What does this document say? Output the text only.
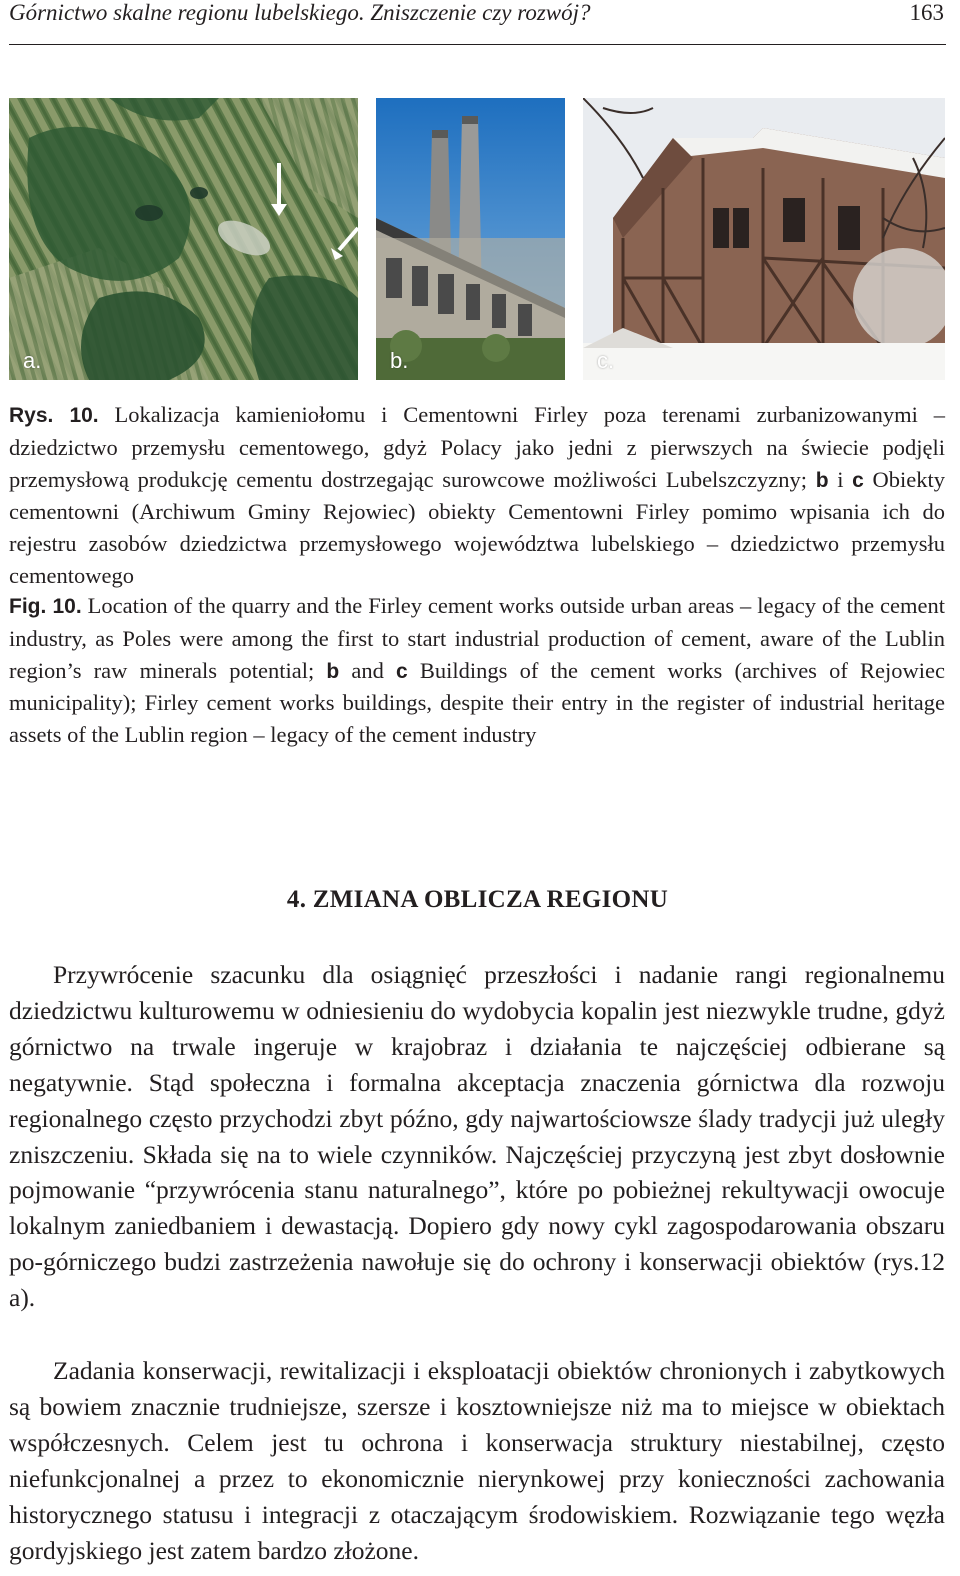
Górnictwo skalne regionu lubelskiego. Zniszczenie czy rozwój?	163
a.	b.	c.

Rys. 10. Lokalizacja kamieniołomu i Cementowni Firley poza terenami zurbanizowanymi – dziedzictwo przemysłu cementowego, gdyż Polacy jako jedni z pierwszych na świecie podjęli przemysłową produkcję cementu dostrzegając surowcowe możliwości Lubelszczyzny; b i c Obiekty cementowni (Archiwum Gminy Rejowiec) obiekty Cementowni Firley pomimo wpisania ich do rejestru zasobów dziedzictwa przemysłowego województwa lubelskiego – dziedzictwo przemysłu cementowego

Fig. 10. Location of the quarry and the Firley cement works outside urban areas – legacy of the cement industry, as Poles were among the first to start industrial production of cement, aware of the Lublin region’s raw minerals potential; b and c Buildings of the cement works (archives of Rejowiec municipality); Firley cement works buildings, despite their entry in the register of industrial heritage assets of the Lublin region – legacy of the cement industry

4. ZMIANA OBLICZA REGIONU

Przywrócenie szacunku dla osiągnięć przeszłości i nadanie rangi regionalnemu dziedzictwu kulturowemu w odniesieniu do wydobycia kopalin jest niezwykle trudne, gdyż górnictwo na trwale ingeruje w krajobraz i działania te najczęściej odbierane są negatywnie. Stąd społeczna i formalna akceptacja znaczenia górnictwa dla rozwoju regionalnego często przychodzi zbyt późno, gdy najwartościowsze ślady tradycji już uległy zniszczeniu. Składa się na to wiele czynników. Najczęściej przyczyną jest zbyt dosłownie pojmowanie “przywrócenia stanu naturalnego”, które po pobieżnej rekultywacji owocuje lokalnym zaniedbaniem i dewastacją. Dopiero gdy nowy cykl zagospodarowania obszaru po-górniczego budzi zastrzeżenia nawołuje się do ochrony i konserwacji obiektów (rys.12 a).

Zadania konserwacji, rewitalizacji i eksploatacji obiektów chronionych i zabytkowych są bowiem znacznie trudniejsze, szersze i kosztowniejsze niż ma to miejsce w obiektach współczesnych. Celem jest tu ochrona i konserwacja struktury niestabilnej, często niefunkcjonalnej a przez to ekonomicznie nierynkowej przy konieczności zachowania historycznego statusu i integracji z otaczającym środowiskiem. Rozwiązanie tego węzła gordyjskiego jest zatem bardzo złożone.
